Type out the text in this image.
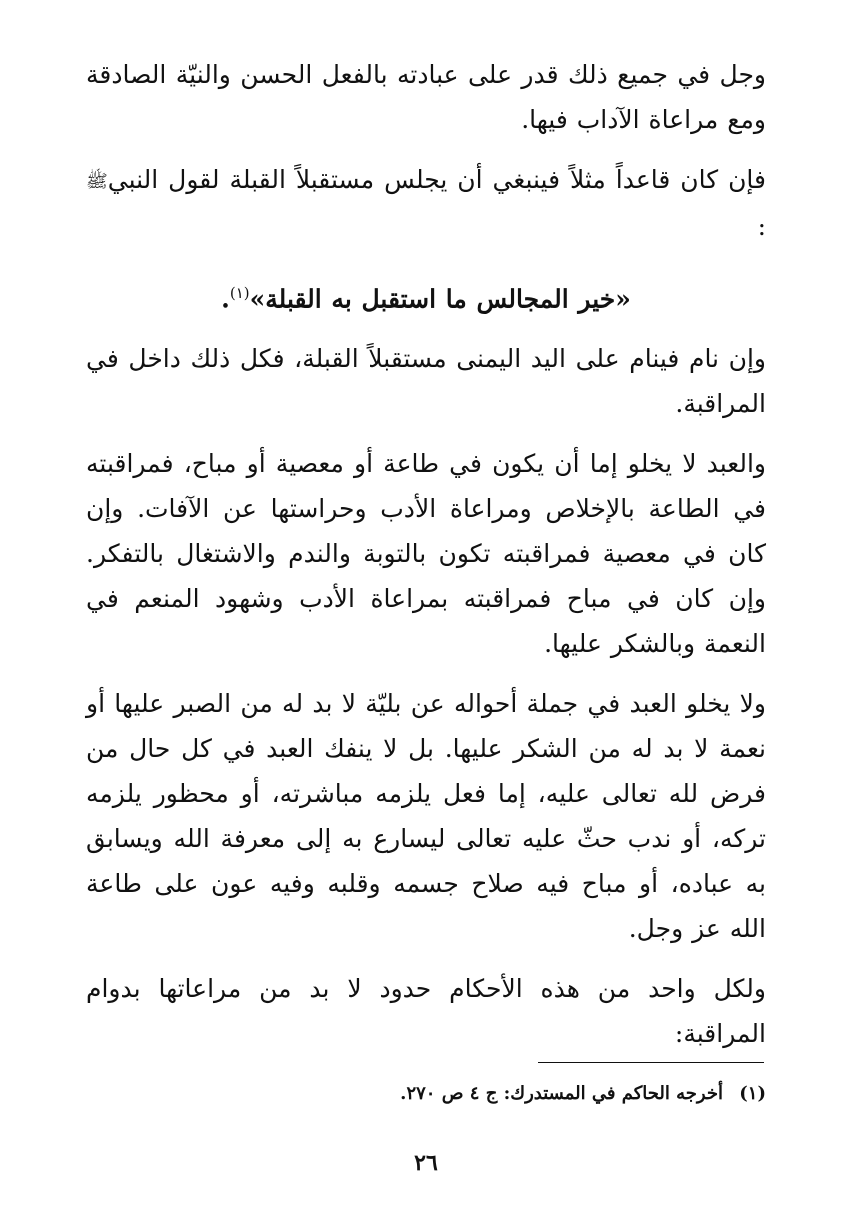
وجل في جميع ذلك قدر على عبادته بالفعل الحسن والنيّة الصادقة ومع مراعاة الآداب فيها.

فإن كان قاعداً مثلاً فينبغي أن يجلس مستقبلاً القبلة لقول النبيﷺ :

«خير المجالس ما استقبل به القبلة»$^{(١)}$.

وإن نام فينام على اليد اليمنى مستقبلاً القبلة، فكل ذلك داخل في المراقبة.

والعبد لا يخلو إما أن يكون في طاعة أو معصية أو مباح، فمراقبته في الطاعة بالإخلاص ومراعاة الأدب وحراستها عن الآفات. وإن كان في معصية فمراقبته تكون بالتوبة والندم والاشتغال بالتفكر. وإن كان في مباح فمراقبته بمراعاة الأدب وشهود المنعم في النعمة وبالشكر عليها.

ولا يخلو العبد في جملة أحواله عن بليّة لا بد له من الصبر عليها أو نعمة لا بد له من الشكر عليها. بل لا ينفك العبد في كل حال من فرض لله تعالى عليه، إما فعل يلزمه مباشرته، أو محظور يلزمه تركه، أو ندب حثّ عليه تعالى ليسارع به إلى معرفة الله ويسابق به عباده، أو مباح فيه صلاح جسمه وقلبه وفيه عون على طاعة الله عز وجل.

ولكل واحد من هذه الأحكام حدود لا بد من مراعاتها بدوام المراقبة:

(١) أخرجه الحاكم في المستدرك: ج ٤ ص ٢٧٠.
٢٦
